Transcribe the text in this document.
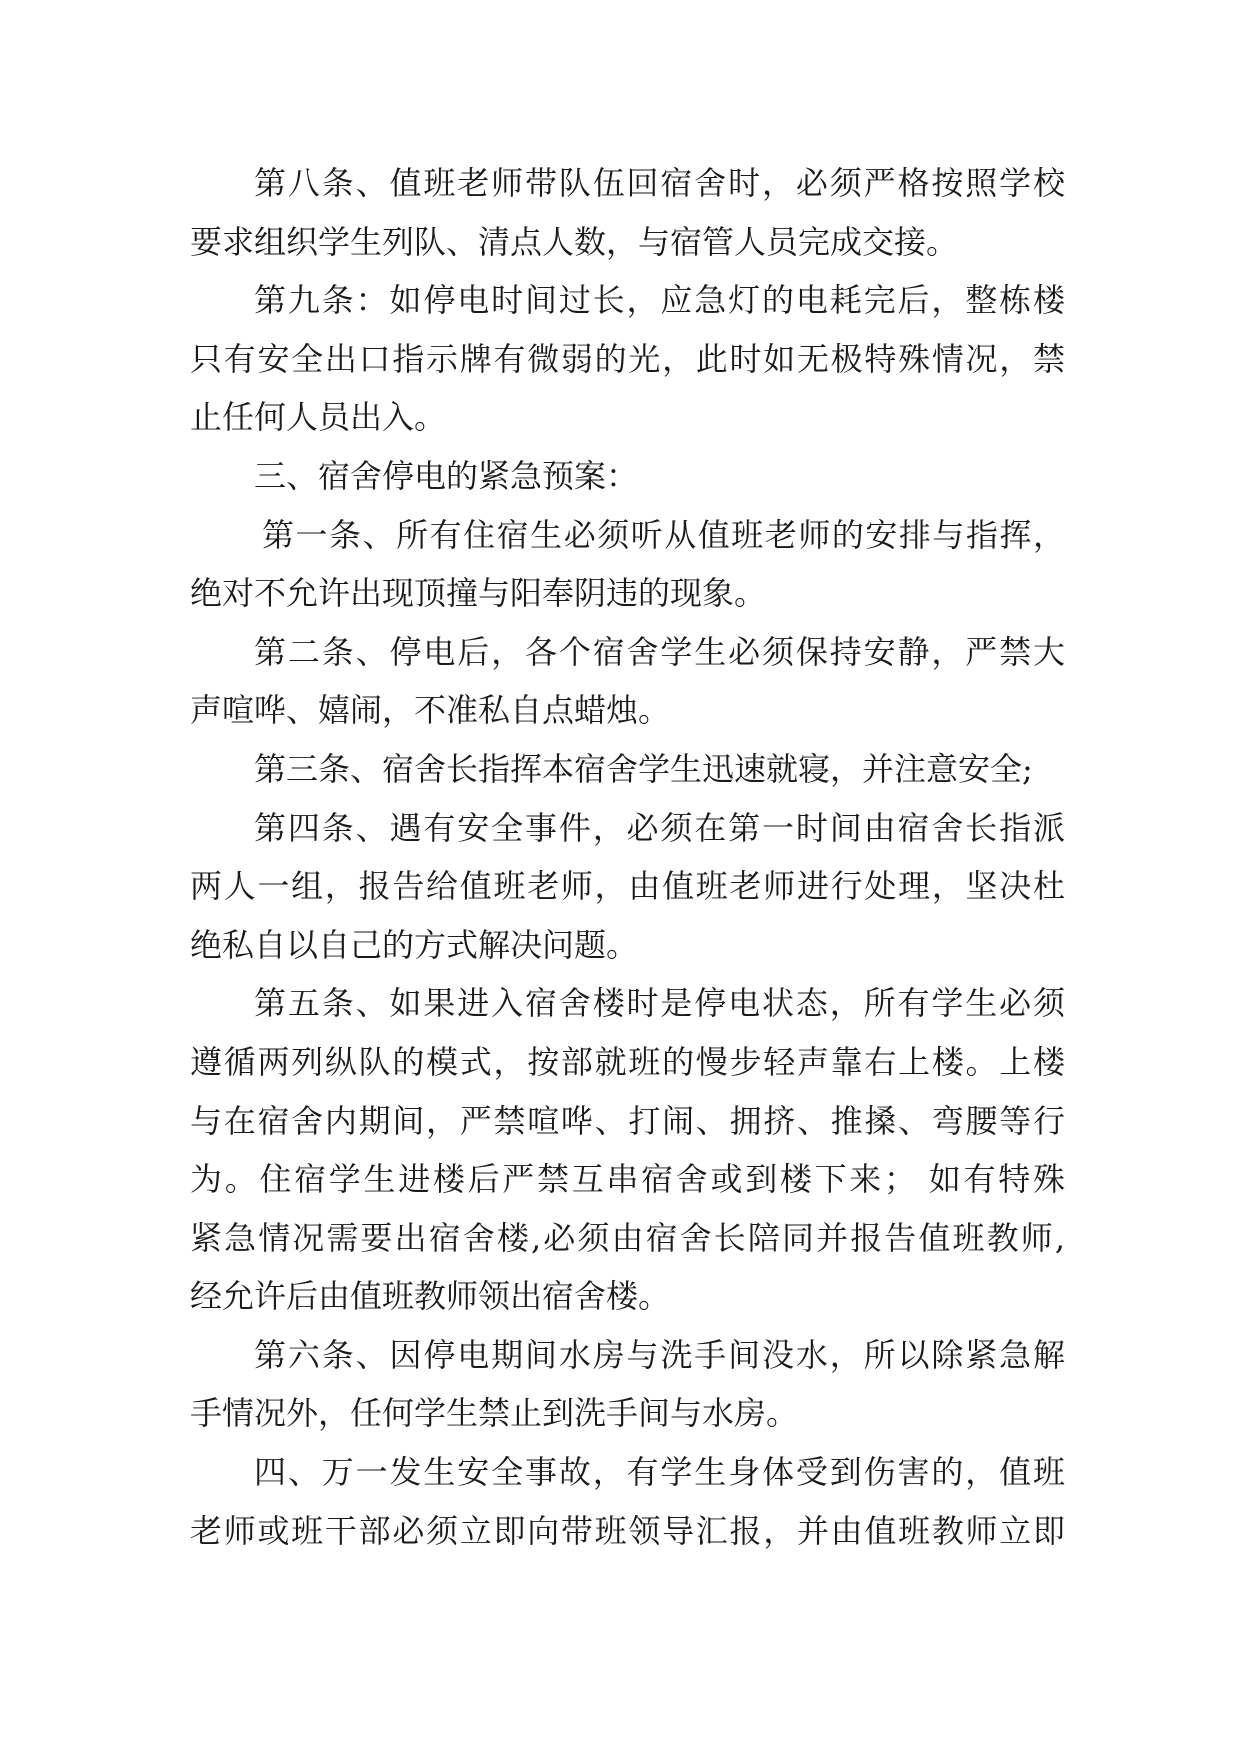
第八条、值班老师带队伍回宿舍时，必须严格按照学校
要求组织学生列队、清点人数，与宿管人员完成交接。
第九条：如停电时间过长，应急灯的电耗完后，整栋楼
只有安全出口指示牌有微弱的光，此时如无极特殊情况，禁
止任何人员出入。
三、宿舍停电的紧急预案：
第一条、所有住宿生必须听从值班老师的安排与指挥，
绝对不允许出现顶撞与阳奉阴违的现象。
第二条、停电后，各个宿舍学生必须保持安静，严禁大
声喧哗、嬉闹，不准私自点蜡烛。
第三条、宿舍长指挥本宿舍学生迅速就寝，并注意安全;
第四条、遇有安全事件，必须在第一时间由宿舍长指派
两人一组，报告给值班老师，由值班老师进行处理，坚决杜
绝私自以自己的方式解决问题。
第五条、如果进入宿舍楼时是停电状态，所有学生必须
遵循两列纵队的模式，按部就班的慢步轻声靠右上楼。上楼
与在宿舍内期间，严禁喧哗、打闹、拥挤、推搡、弯腰等行
为。住宿学生进楼后严禁互串宿舍或到楼下来； 如有特殊
紧急情况需要出宿舍楼,必须由宿舍长陪同并报告值班教师,
经允许后由值班教师领出宿舍楼。
第六条、因停电期间水房与洗手间没水，所以除紧急解
手情况外，任何学生禁止到洗手间与水房。
四、万一发生安全事故，有学生身体受到伤害的，值班
老师或班干部必须立即向带班领导汇报，并由值班教师立即
